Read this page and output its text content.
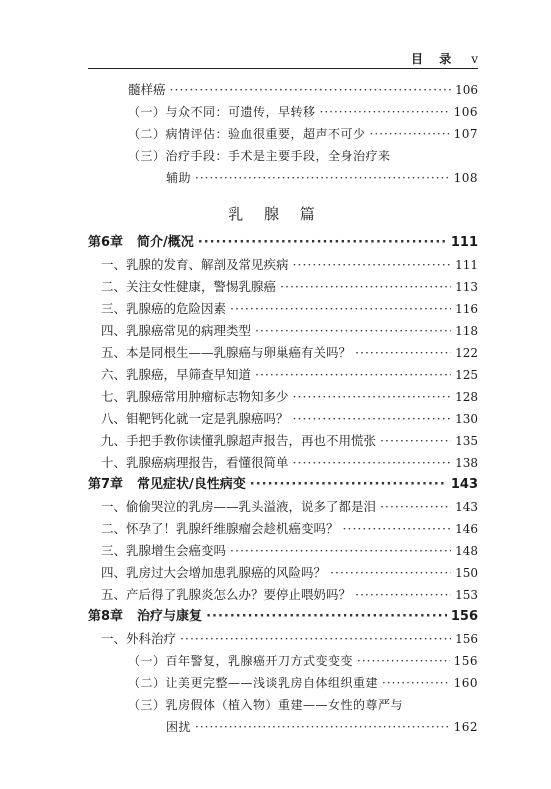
目 录 v
髓样癌 ·····	106
（一）与众不同：可遗传，早转移 ·····	106
（二）病情评估：验血很重要，超声不可少 ·····	107
（三）治疗手段：手术是主要手段，全身治疗来
辅助 ·····	108
乳 腺 篇
第6章 简介/概况 ·····	111
一、乳腺的发育、解剖及常见疾病 ·····	111
二、关注女性健康，警惕乳腺癌 ·····	113
三、乳腺癌的危险因素 ·····	116
四、乳腺癌常见的病理类型 ·····	118
五、本是同根生——乳腺癌与卵巢癌有关吗？ ·····	122
六、乳腺癌，早筛查早知道 ·····	125
七、乳腺癌常用肿瘤标志物知多少 ·····	128
八、钼靶钙化就一定是乳腺癌吗？ ·····	130
九、手把手教你读懂乳腺超声报告，再也不用慌张 ·····	135
十、乳腺癌病理报告，看懂很简单 ·····	138
第7章 常见症状/良性病变 ·····	143
一、偷偷哭泣的乳房——乳头溢液，说多了都是泪 ·····	143
二、怀孕了！乳腺纤维腺瘤会趁机癌变吗？ ·····	146
三、乳腺增生会癌变吗 ·····	148
四、乳房过大会增加患乳腺癌的风险吗？ ·····	150
五、产后得了乳腺炎怎么办？要停止喂奶吗？ ·····	153
第8章 治疗与康复 ·····	156
一、外科治疗 ·····	156
（一）百年警复，乳腺癌开刀方式变变变 ·····	156
（二）让美更完整——浅谈乳房自体组织重建 ·····	160
（三）乳房假体（植入物）重建——女性的尊严与
困扰 ·····	162
